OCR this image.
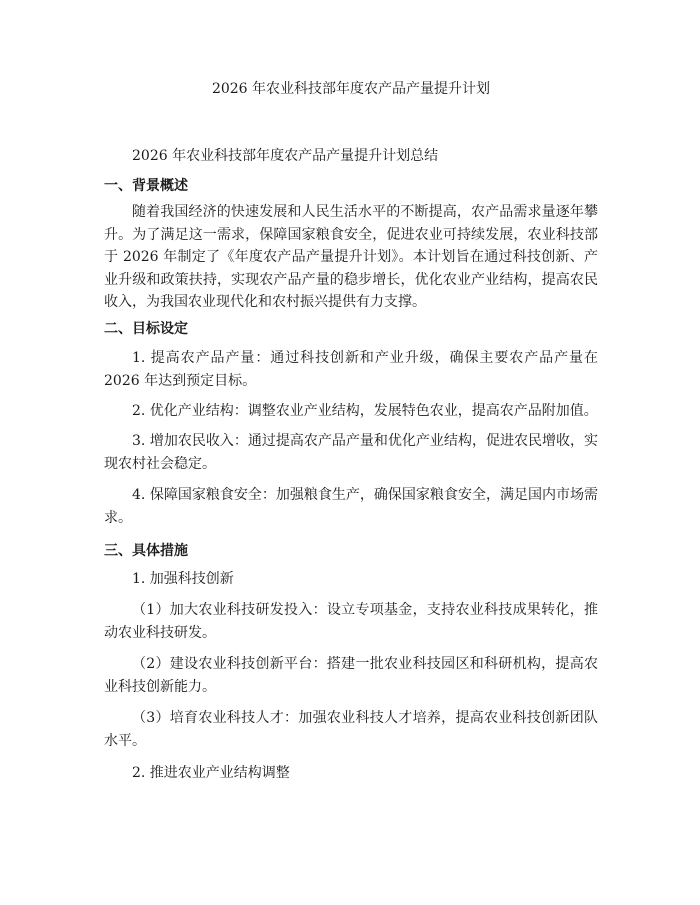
2026 年农业科技部年度农产品产量提升计划
2026 年农业科技部年度农产品产量提升计划总结
一、背景概述
随着我国经济的快速发展和人民生活水平的不断提高，农产品需求量逐年攀升。为了满足这一需求，保障国家粮食安全，促进农业可持续发展，农业科技部于 2026 年制定了《年度农产品产量提升计划》。本计划旨在通过科技创新、产业升级和政策扶持，实现农产品产量的稳步增长，优化农业产业结构，提高农民收入，为我国农业现代化和农村振兴提供有力支撑。
二、目标设定
1. 提高农产品产量：通过科技创新和产业升级，确保主要农产品产量在 2026 年达到预定目标。
2. 优化产业结构：调整农业产业结构，发展特色农业，提高农产品附加值。
3. 增加农民收入：通过提高农产品产量和优化产业结构，促进农民增收，实现农村社会稳定。
4. 保障国家粮食安全：加强粮食生产，确保国家粮食安全，满足国内市场需求。
三、具体措施
1. 加强科技创新
（1）加大农业科技研发投入：设立专项基金，支持农业科技成果转化，推动农业科技研发。
（2）建设农业科技创新平台：搭建一批农业科技园区和科研机构，提高农业科技创新能力。
（3）培育农业科技人才：加强农业科技人才培养，提高农业科技创新团队水平。
2. 推进农业产业结构调整
